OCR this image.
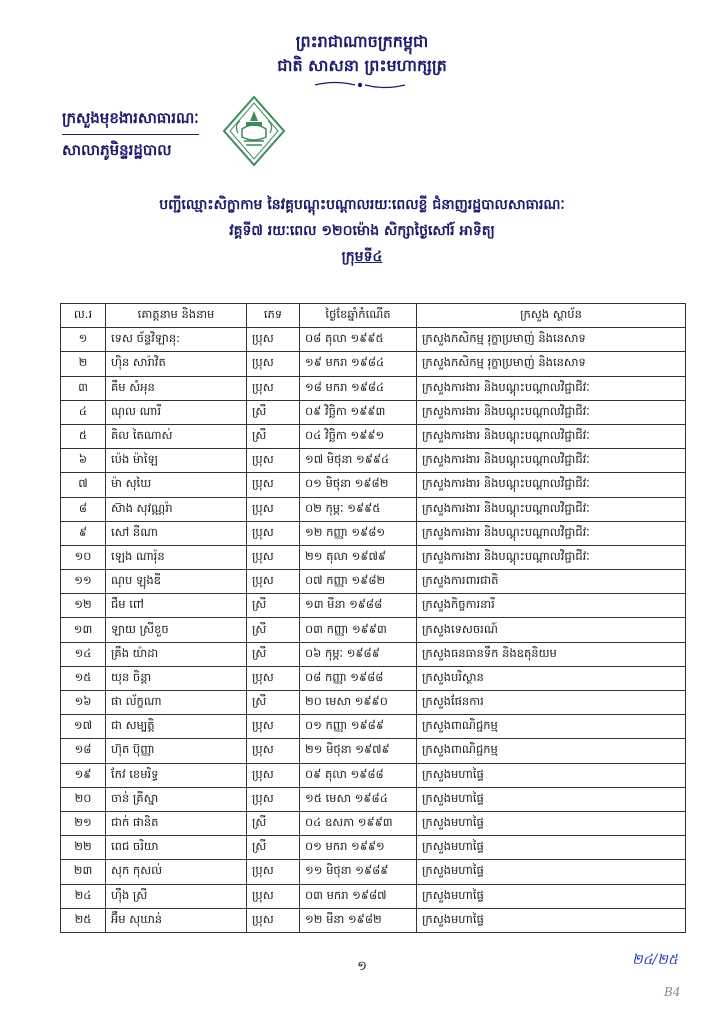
ព្រះរាជាណាចក្រកម្ពុជា
ជាតិ សាសនា ព្រះមហាក្សត្រ
ក្រសួងមុខងារសាធារណៈ
សាលាភូមិន្ទរដ្ឋបាល
បញ្ជីឈ្មោះសិក្ខាកាម នៃវគ្គបណ្តុះបណ្តាលរយៈពេលខ្លី ជំនាញរដ្ឋបាលសាធារណៈ
វគ្គទី៧ រយៈពេល ១២០ម៉ោង សិក្សាថ្ងៃសៅរ៍ អាទិត្យ
ក្រុមទី៤
ល.រ	គោត្តនាម និងនាម	ភេទ	ថ្ងៃខែឆ្នាំកំណើត	ក្រសួង ស្ថាប័ន
១	ទេស ច័ន្ទវិឡានុ:	ប្រុស	០៨ តុលា ១៩៩៥	ក្រសួងកសិកម្ម រុក្ខាប្រមាញ់ និងនេសាទ
២	ហ៊ិន សារ៉ាវិត	ប្រុស	១៩ មករា ១៩៨៤	ក្រសួងកសិកម្ម រុក្ខាប្រមាញ់ និងនេសាទ
៣	គឹម សំអុន	ប្រុស	១៨ មករា ១៩៨៤	ក្រសួងការងារ និងបណ្តុះបណ្តាលវិជ្ជាជីវៈ
៤	ណុល ណារី	ស្រី	០៩ វិច្ឆិកា ១៩៩៣	ក្រសួងការងារ និងបណ្តុះបណ្តាលវិជ្ជាជីវៈ
៥	គិល តៃណាស់	ស្រី	០៤ វិច្ឆិកា ១៩៩១	ក្រសួងការងារ និងបណ្តុះបណ្តាលវិជ្ជាជីវៈ
៦	ប៉េង ម៉ាឡៃ	ប្រុស	១៧ មិថុនា ១៩៩៤	ក្រសួងការងារ និងបណ្តុះបណ្តាលវិជ្ជាជីវៈ
៧	ម៉ា សុឃៃ	ប្រុស	០១ មិថុនា ១៩៨២	ក្រសួងការងារ និងបណ្តុះបណ្តាលវិជ្ជាជីវៈ
៨	ស៊ាង សុវណ្ណរ៉ា	ប្រុស	០២ កុម្ភៈ ១៩៩៥	ក្រសួងការងារ និងបណ្តុះបណ្តាលវិជ្ជាជីវៈ
៩	សៅ នីណា	ប្រុស	១២ កញ្ញា ១៩៨១	ក្រសួងការងារ និងបណ្តុះបណ្តាលវិជ្ជាជីវៈ
១០	ឡេង ណារ៉ុន	ប្រុស	២១ តុលា ១៩៧៩	ក្រសួងការងារ និងបណ្តុះបណ្តាលវិជ្ជាជីវៈ
១១	ណុប ឡុងឌី	ប្រុស	០៧ កញ្ញា ១៩៨២	ក្រសួងការពារជាតិ
១២	ជឹម ពៅ	ស្រី	១៣ មីនា ១៩៨៨	ក្រសួងកិច្ចការនារី
១៣	ឡាយ ស្រីខួច	ស្រី	០៣ កញ្ញា ១៩៩៣	ក្រសួងទេសចរណ៍
១៤	គ្រឹង យ៉ាដា	ស្រី	០៦ កុម្ភៈ ១៩៨៩	ក្រសួងធនធានទឹក និងឧតុនិយម
១៥	យុន ចិន្តា	ប្រុស	០៨ កញ្ញា ១៩៨៨	ក្រសួងបរិស្ថាន
១៦	ផា ល័ក្ខណា	ស្រី	២០ មេសា ១៩៩០	ក្រសួងផែនការ
១៧	ជា សម្បត្តិ	ប្រុស	០១ កញ្ញា ១៩៨៩	ក្រសួងពាណិជ្ជកម្ម
១៨	ហ៊ុត ប៊ុញ្ញា	ប្រុស	២១ មិថុនា ១៩៧៩	ក្រសួងពាណិជ្ជកម្ម
១៩	កែវ ខេមរិទ្ធ	ប្រុស	០៩ តុលា ១៩៨៨	ក្រសួងមហាផ្ទៃ
២០	ចាន់ គ្រីស្នា	ប្រុស	១៥ មេសា ១៩៨៤	ក្រសួងមហាផ្ទៃ
២១	ជាក់ ផានិត	ស្រី	០៤ ឧសភា ១៩៩៣	ក្រសួងមហាផ្ទៃ
២២	ពេជ ចរិយា	ស្រី	០១ មករា ១៩៩១	ក្រសួងមហាផ្ទៃ
២៣	សុក កុសល់	ប្រុស	១១ មិថុនា ១៩៨៩	ក្រសួងមហាផ្ទៃ
២៤	ហ៊ឹង ស្រី	ប្រុស	០៣ មករា ១៩៨៧	ក្រសួងមហាផ្ទៃ
២៥	អ៊ឹម សុឃាន់	ប្រុស	១២ មីនា ១៩៨២	ក្រសួងមហាផ្ទៃ
១	២៤/២៥
B4
